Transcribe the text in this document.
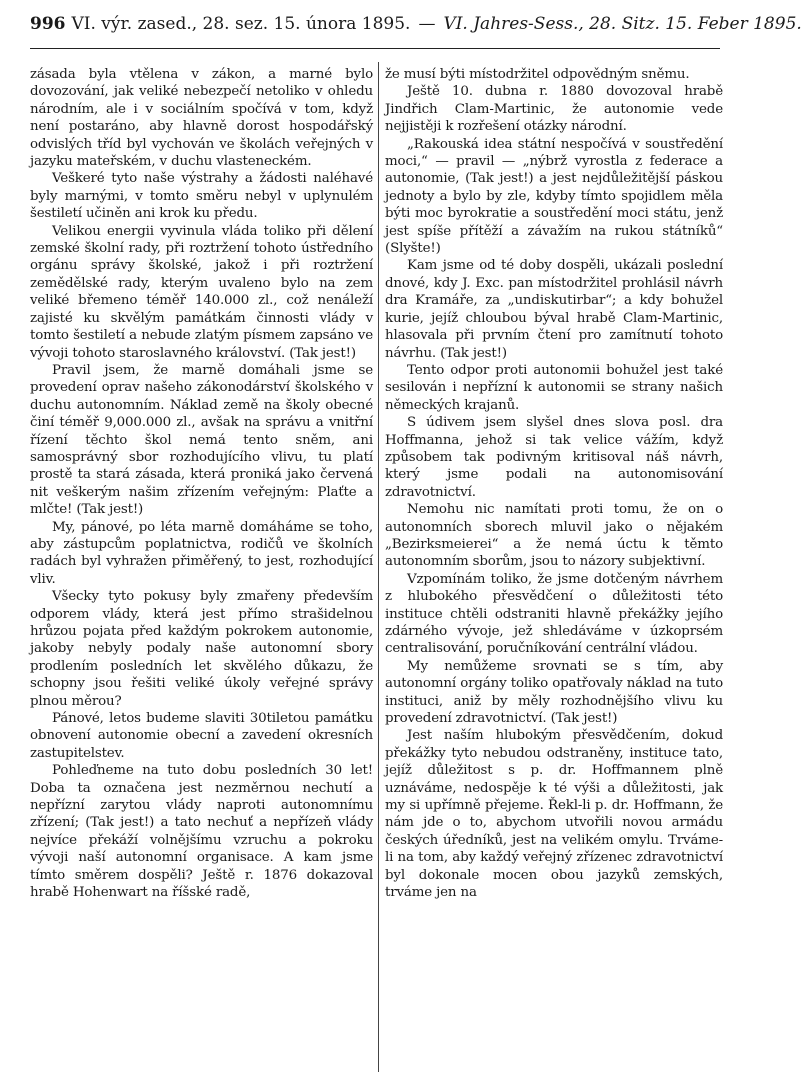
996 VI. výr. zased., 28. sez. 15. února 1895. — VI. Jahres-Sess., 28. Sitz. 15. Feber 1895.

zásada byla vtělena v zákon, a marné bylo dovozování, jak veliké nebezpečí netoliko v ohledu národním, ale i v sociálním spočívá v tom, když není postaráno, aby hlavně dorost hospodářský odvislých tříd byl vychován ve školách veřejných v jazyku mateřském, v duchu vlasteneckém.

Veškeré tyto naše výstrahy a žádosti naléhavé byly marnými, v tomto směru nebyl v uplynulém šestiletí učiněn ani krok ku předu.

Velikou energii vyvinula vláda toliko při dělení zemské školní rady, při roztržení tohoto ústředního orgánu správy školské, jakož i při roztržení zemědělské rady, kterým uvaleno bylo na zem veliké břemeno téměř 140.000 zl., což nenáleží zajisté ku skvělým památkám činnosti vlády v tomto šestiletí a nebude zlatým písmem zapsáno ve vývoji tohoto staroslavného království. (Tak jest!)

Pravil jsem, že marně domáhali jsme se provedení oprav našeho zákonodárství školského v duchu autonomním. Náklad země na školy obecné činí téměř 9,000.000 zl., avšak na správu a vnitřní řízení těchto škol nemá tento sněm, ani samosprávný sbor rozhodujícího vlivu, tu platí prostě ta stará zásada, která proniká jako červená nit veškerým našim zřízením veřejným: Plaťte a mlčte! (Tak jest!)

My, pánové, po léta marně domáháme se toho, aby zástupcům poplatnictva, rodičů ve školních radách byl vyhražen přiměřený, to jest, rozhodující vliv.

Všecky tyto pokusy byly zmařeny především odporem vlády, která jest přímo strašidelnou hrůzou pojata před každým pokrokem autonomie, jakoby nebyly podaly naše autonomní sbory prodlením posledních let skvělého důkazu, že schopny jsou řešiti veliké úkoly veřejné správy plnou měrou?

Pánové, letos budeme slaviti 30tiletou památku obnovení autonomie obecní a zavedení okresních zastupitelstev.

Pohleďneme na tuto dobu posledních 30 let! Doba ta označena jest nezměrnou nechutí a nepřízní zarytou vlády naproti autonomnímu zřízení; (Tak jest!) a tato nechuť a nepřízeň vlády nejvíce překáží volnějšímu vzruchu a pokroku vývoji naší autonomní organisace. A kam jsme tímto směrem dospěli? Ještě r. 1876 dokazoval hrabě Hohenwart na říšské radě,

že musí býti místodržitel odpovědným sněmu.

Ještě 10. dubna r. 1880 dovozoval hrabě Jindřich Clam-Martinic, že autonomie vede nejjistěji k rozřešení otázky národní.

„Rakouská idea státní nespočívá v soustředění moci,“ — pravil — „nýbrž vyrostla z federace a autonomie, (Tak jest!) a jest nejdůležitější páskou jednoty a bylo by zle, kdyby tímto spojidlem měla býti moc byrokratie a soustředění moci státu, jenž jest spíše přítěží a závažím na rukou státníků“ (Slyšte!)

Kam jsme od té doby dospěli, ukázali poslední dnové, kdy J. Exc. pan místodržitel prohlásil návrh dra Kramáře, za „undiskutirbar“; a kdy bohužel kurie, jejíž chloubou býval hrabě Clam-Martinic, hlasovala při prvním čtení pro zamítnutí tohoto návrhu. (Tak jest!)

Tento odpor proti autonomii bohužel jest také sesilován i nepřízní k autonomii se strany našich německých krajanů.

S údivem jsem slyšel dnes slova posl. dra Hoffmanna, jehož si tak velice vážím, když způsobem tak podivným kritisoval náš návrh, který jsme podali na autonomisování zdravotnictví.

Nemohu nic namítati proti tomu, že on o autonomních sborech mluvil jako o nějakém „Bezirksmeierei“ a že nemá úctu k těmto autonomním sborům, jsou to názory subjektivní.

Vzpomínám toliko, že jsme dotčeným návrhem z hlubokého přesvědčení o důležitosti této instituce chtěli odstraniti hlavně překážky jejího zdárného vývoje, jež shledáváme v úzkoprsém centralisování, poručníkování centrální vládou.

My nemůžeme srovnati se s tím, aby autonomní orgány toliko opatřovaly náklad na tuto instituci, aniž by měly rozhodnějšího vlivu ku provedení zdravotnictví. (Tak jest!)

Jest naším hlubokým přesvědčením, dokud překážky tyto nebudou odstraněny, instituce tato, jejíž důležitost s p. dr. Hoffmannem plně uznáváme, nedospěje k té výši a důležitosti, jak my si upřímně přejeme. Řekl-li p. dr. Hoffmann, že nám jde o to, abychom utvořili novou armádu českých úředníků, jest na velikém omylu. Trváme-li na tom, aby každý veřejný zřízenec zdravotnictví byl dokonale mocen obou jazyků zemských, trváme jen na
